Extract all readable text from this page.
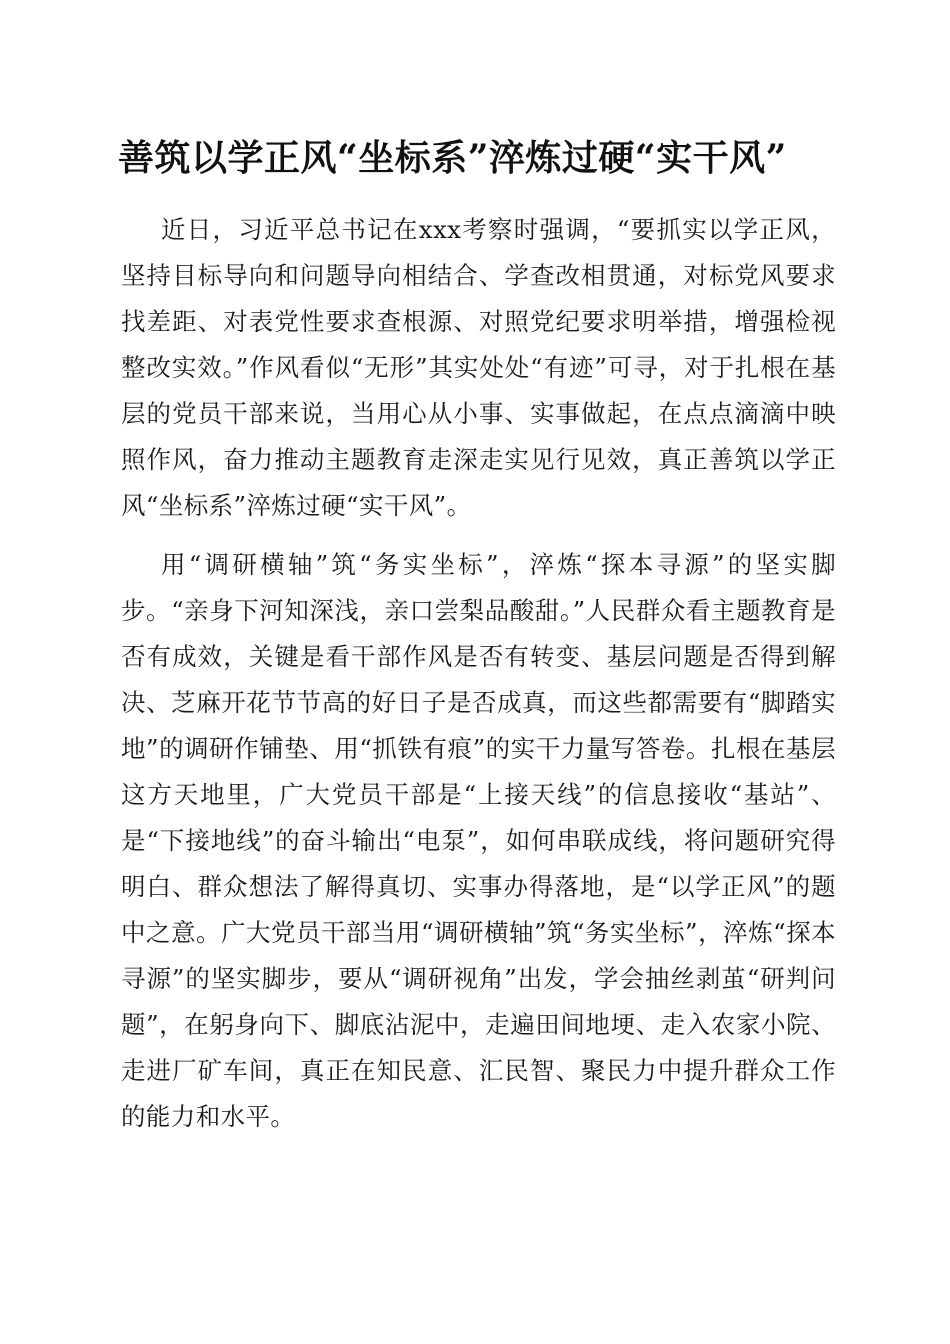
善筑以学正风“坐标系”淬炼过硬“实干风”

近日，习近平总书记在xxx考察时强调，“要抓实以学正风，坚持目标导向和问题导向相结合、学查改相贯通，对标党风要求找差距、对表党性要求查根源、对照党纪要求明举措，增强检视整改实效。”作风看似“无形”其实处处“有迹”可寻，对于扎根在基层的党员干部来说，当用心从小事、实事做起，在点点滴滴中映照作风，奋力推动主题教育走深走实见行见效，真正善筑以学正风“坐标系”淬炼过硬“实干风”。

用“调研横轴”筑“务实坐标”，淬炼“探本寻源”的坚实脚步。“亲身下河知深浅，亲口尝梨品酸甜。”人民群众看主题教育是否有成效，关键是看干部作风是否有转变、基层问题是否得到解决、芝麻开花节节高的好日子是否成真，而这些都需要有“脚踏实地”的调研作铺垫、用“抓铁有痕”的实干力量写答卷。扎根在基层这方天地里，广大党员干部是“上接天线”的信息接收“基站”、是“下接地线”的奋斗输出“电泵”，如何串联成线，将问题研究得明白、群众想法了解得真切、实事办得落地，是“以学正风”的题中之意。广大党员干部当用“调研横轴”筑“务实坐标”，淬炼“探本寻源”的坚实脚步，要从“调研视角”出发，学会抽丝剥茧“研判问题”，在躬身向下、脚底沾泥中，走遍田间地埂、走入农家小院、走进厂矿车间，真正在知民意、汇民智、聚民力中提升群众工作的能力和水平。
